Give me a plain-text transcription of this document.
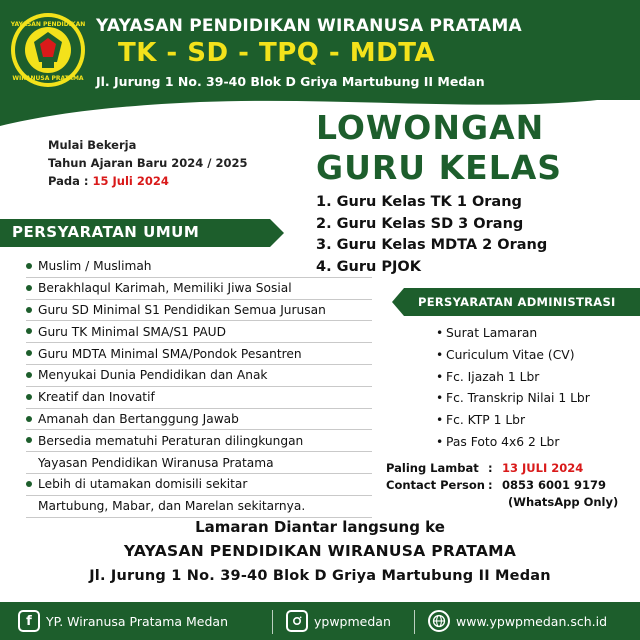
YAYASAN PENDIDIKAN
WIRANUSA PRATAMA
YAYASAN PENDIDIKAN WIRANUSA PRATAMA
TK - SD - TPQ - MDTA
Jl. Jurung 1 No. 39-40 Blok D Griya Martubung II Medan
Mulai Bekerja
Tahun Ajaran Baru 2024 / 2025
Pada : 15 Juli 2024
LOWONGAN
GURU KELAS
1. Guru Kelas TK 1 Orang
2. Guru Kelas SD 3 Orang
3. Guru Kelas MDTA 2 Orang
4. Guru PJOK
PERSYARATAN UMUM
Muslim / Muslimah
Berakhlaqul Karimah, Memiliki Jiwa Sosial
Guru SD Minimal S1 Pendidikan Semua Jurusan
Guru TK Minimal SMA/S1 PAUD
Guru MDTA Minimal SMA/Pondok Pesantren
Menyukai Dunia Pendidikan dan Anak
Kreatif dan Inovatif
Amanah dan Bertanggung Jawab
Bersedia mematuhi Peraturan dilingkungan
Yayasan Pendidikan Wiranusa Pratama
Lebih di utamakan domisili sekitar
Martubung, Mabar, dan Marelan sekitarnya.
PERSYARATAN ADMINISTRASI
• Surat Lamaran
• Curiculum Vitae (CV)
• Fc. Ijazah 1 Lbr
• Fc. Transkrip Nilai 1 Lbr
• Fc. KTP 1 Lbr
• Pas Foto 4x6 2 Lbr
Paling Lambat : 13 JULI 2024
Contact Person : 0853 6001 9179
(WhatsApp Only)
Lamaran Diantar langsung ke
YAYASAN PENDIDIKAN WIRANUSA PRATAMA
Jl. Jurung 1 No. 39-40 Blok D Griya Martubung II Medan
f	YP. Wiranusa Pratama Medan	ypwpmedan	www.ypwpmedan.sch.id
